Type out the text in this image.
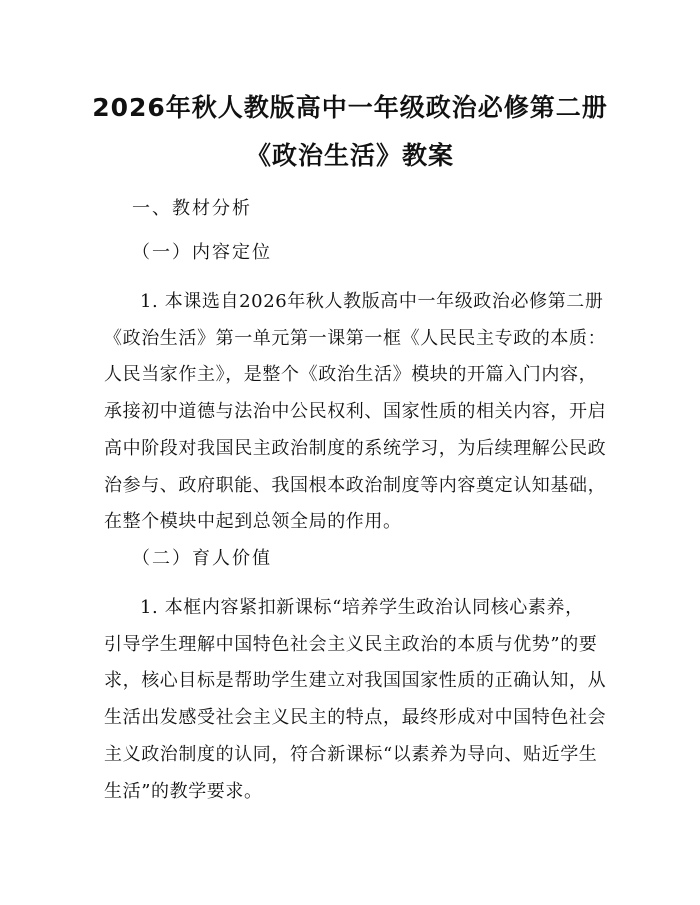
2026年秋人教版高中一年级政治必修第二册
《政治生活》教案
一、教材分析
（一）内容定位
1. 本课选自2026年秋人教版高中一年级政治必修第二册
《政治生活》第一单元第一课第一框《人民民主专政的本质：
人民当家作主》，是整个《政治生活》模块的开篇入门内容，
承接初中道德与法治中公民权利、国家性质的相关内容，开启
高中阶段对我国民主政治制度的系统学习，为后续理解公民政
治参与、政府职能、我国根本政治制度等内容奠定认知基础，
在整个模块中起到总领全局的作用。
（二）育人价值
1. 本框内容紧扣新课标“培养学生政治认同核心素养，
引导学生理解中国特色社会主义民主政治的本质与优势”的要
求，核心目标是帮助学生建立对我国国家性质的正确认知，从
生活出发感受社会主义民主的特点，最终形成对中国特色社会
主义政治制度的认同，符合新课标“以素养为导向、贴近学生
生活”的教学要求。
